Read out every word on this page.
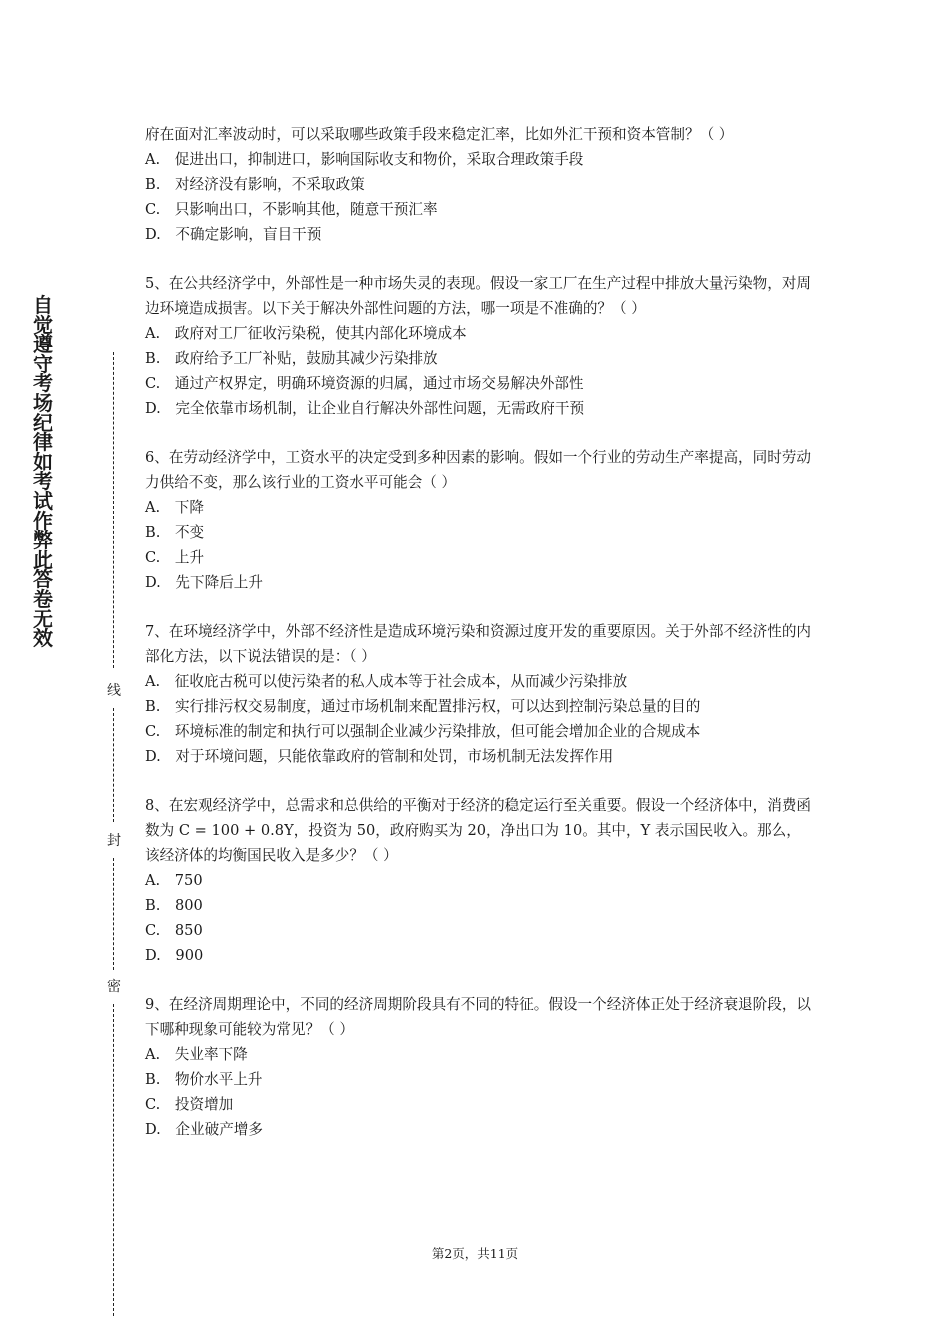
自觉遵守考场纪律如考试作弊此答卷无效
线
封
密

府在面对汇率波动时，可以采取哪些政策手段来稳定汇率，比如外汇干预和资本管制？（ ）

A.　促进出口，抑制进口，影响国际收支和物价，采取合理政策手段

B.　对经济没有影响，不采取政策

C.　只影响出口，不影响其他，随意干预汇率

D.　不确定影响，盲目干预

5、在公共经济学中，外部性是一种市场失灵的表现。假设一家工厂在生产过程中排放大量污染物，对周边环境造成损害。以下关于解决外部性问题的方法，哪一项是不准确的？（ ）

A.　政府对工厂征收污染税，使其内部化环境成本

B.　政府给予工厂补贴，鼓励其减少污染排放

C.　通过产权界定，明确环境资源的归属，通过市场交易解决外部性

D.　完全依靠市场机制，让企业自行解决外部性问题，无需政府干预

6、在劳动经济学中，工资水平的决定受到多种因素的影响。假如一个行业的劳动生产率提高，同时劳动力供给不变，那么该行业的工资水平可能会（ ）

A.　下降

B.　不变

C.　上升

D.　先下降后上升

7、在环境经济学中，外部不经济性是造成环境污染和资源过度开发的重要原因。关于外部不经济性的内部化方法，以下说法错误的是：（ ）

A.　征收庇古税可以使污染者的私人成本等于社会成本，从而减少污染排放

B.　实行排污权交易制度，通过市场机制来配置排污权，可以达到控制污染总量的目的

C.　环境标准的制定和执行可以强制企业减少污染排放，但可能会增加企业的合规成本

D.　对于环境问题，只能依靠政府的管制和处罚，市场机制无法发挥作用

8、在宏观经济学中，总需求和总供给的平衡对于经济的稳定运行至关重要。假设一个经济体中，消费函数为 C = 100 + 0.8Y，投资为 50，政府购买为 20，净出口为 10。其中，Y 表示国民收入。那么，该经济体的均衡国民收入是多少？（ ）

A.　750

B.　800

C.　850

D.　900

9、在经济周期理论中，不同的经济周期阶段具有不同的特征。假设一个经济体正处于经济衰退阶段，以下哪种现象可能较为常见？（ ）

A.　失业率下降

B.　物价水平上升

C.　投资增加

D.　企业破产增多

第2页，共11页
